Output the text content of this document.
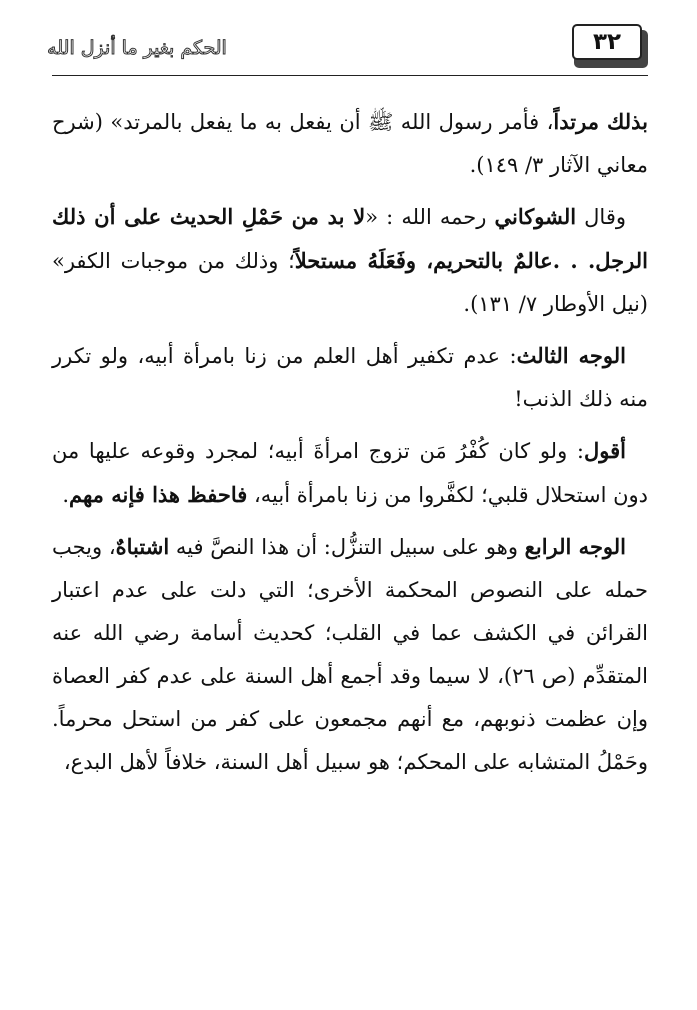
الحكم بغير ما أنزل الله	٣٢

بذلك مرتداً، فأمر رسول الله ﷺ أن يفعل به ما يفعل بالمرتد» (شرح معاني الآثار ٣/ ١٤٩).

وقال الشوكاني رحمه الله : «لا بد من حَمْلِ الحديث على أن ذلك الرجل. . .عالمٌ بالتحريم، وفَعَلَهُ مستحلاً؛ وذلك من موجبات الكفر» (نيل الأوطار ٧/ ١٣١).

الوجه الثالث: عدم تكفير أهل العلم من زنا بامرأة أبيه، ولو تكرر منه ذلك الذنب!

أقول: ولو كان كُفْرُ مَن تزوج امرأةَ أبيه؛ لمجرد وقوعه عليها من دون استحلال قلبي؛ لكفَّروا من زنا بامرأة أبيه، فاحفظ هذا فإنه مهم.

الوجه الرابع وهو على سبيل التنزُّل: أن هذا النصَّ فيه اشتباهٌ، ويجب حمله على النصوص المحكمة الأخرى؛ التي دلت على عدم اعتبار القرائن في الكشف عما في القلب؛ كحديث أسامة رضي الله عنه المتقدِّم (ص ٢٦)، لا سيما وقد أجمع أهل السنة على عدم كفر العصاة وإن عظمت ذنوبهم، مع أنهم مجمعون على كفر من استحل محرماً. وحَمْلُ المتشابه على المحكم؛ هو سبيل أهل السنة، خلافاً لأهل البدع،
